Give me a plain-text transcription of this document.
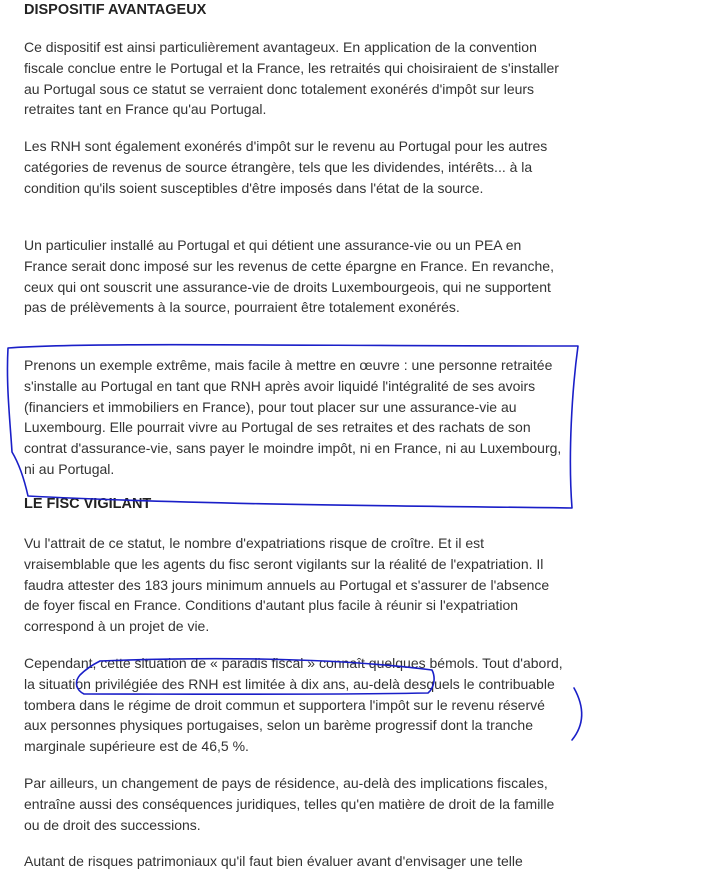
DISPOSITIF AVANTAGEUX

Ce dispositif est ainsi particulièrement avantageux. En application de la convention fiscale conclue entre le Portugal et la France, les retraités qui choisiraient de s'installer au Portugal sous ce statut se verraient donc totalement exonérés d'impôt sur leurs retraites tant en France qu'au Portugal.

Les RNH sont également exonérés d'impôt sur le revenu au Portugal pour les autres catégories de revenus de source étrangère, tels que les dividendes, intérêts... à la condition qu'ils soient susceptibles d'être imposés dans l'état de la source.

Un particulier installé au Portugal et qui détient une assurance-vie ou un PEA en France serait donc imposé sur les revenus de cette épargne en France. En revanche, ceux qui ont souscrit une assurance-vie de droits Luxembourgeois, qui ne supportent pas de prélèvements à la source, pourraient être totalement exonérés.

Prenons un exemple extrême, mais facile à mettre en œuvre : une personne retraitée s'installe au Portugal en tant que RNH après avoir liquidé l'intégralité de ses avoirs (financiers et immobiliers en France), pour tout placer sur une assurance-vie au Luxembourg. Elle pourrait vivre au Portugal de ses retraites et des rachats de son contrat d'assurance-vie, sans payer le moindre impôt, ni en France, ni au Luxembourg, ni au Portugal.

LE FISC VIGILANT

Vu l'attrait de ce statut, le nombre d'expatriations risque de croître. Et il est vraisemblable que les agents du fisc seront vigilants sur la réalité de l'expatriation. Il faudra attester des 183 jours minimum annuels au Portugal et s'assurer de l'absence de foyer fiscal en France. Conditions d'autant plus facile à réunir si l'expatriation correspond à un projet de vie.

Cependant, cette situation de « paradis fiscal » connaît quelques bémols. Tout d'abord, la situation privilégiée des RNH est limitée à dix ans, au-delà desquels le contribuable tombera dans le régime de droit commun et supportera l'impôt sur le revenu réservé aux personnes physiques portugaises, selon un barème progressif dont la tranche marginale supérieure est de 46,5 %.

Par ailleurs, un changement de pays de résidence, au-delà des implications fiscales, entraîne aussi des conséquences juridiques, telles qu'en matière de droit de la famille ou de droit des successions.

Autant de risques patrimoniaux qu'il faut bien évaluer avant d'envisager une telle
